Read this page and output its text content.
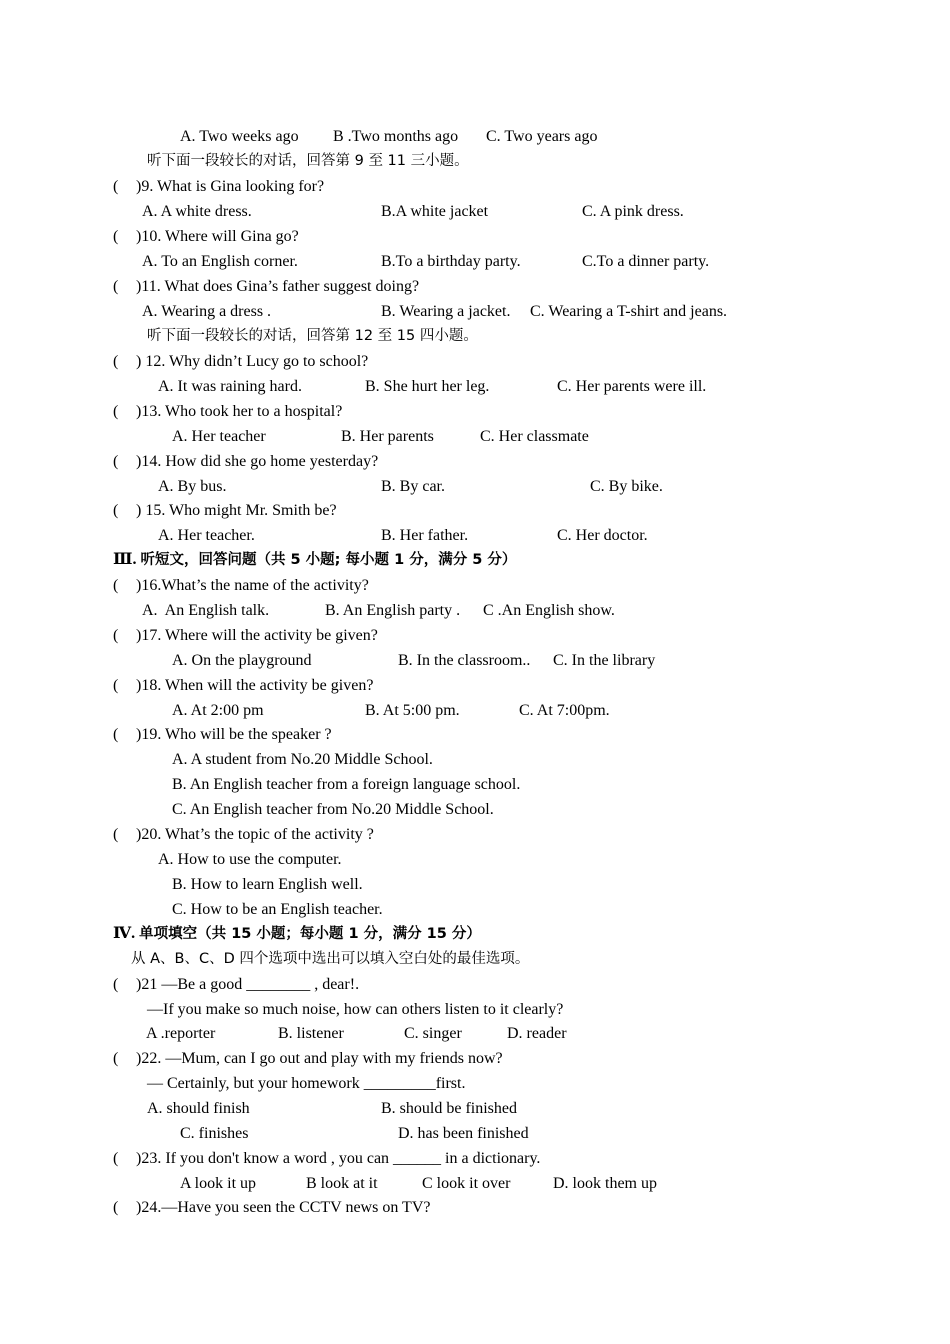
A. Two weeks ago B .Two months ago C. Two years ago
听下面一段较长的对话，回答第 9 至 11 三小题。
( )9. What is Gina looking for?
A. A white dress.	B.A white jacket	C. A pink dress.
( )10. Where will Gina go?
A. To an English corner.	B.To a birthday party.	C.To a dinner party.
( )11. What does Gina’s father suggest doing?
A. Wearing a dress .	B. Wearing a jacket. C. Wearing a T-shirt and jeans.
听下面一段较长的对话，回答第 12 至 15 四小题。
( ) 12. Why didn’t Lucy go to school?
A. It was raining hard.	B. She hurt her leg.	C. Her parents were ill.
( )13. Who took her to a hospital?
A. Her teacher	B. Her parents	C. Her classmate
( )14. How did she go home yesterday?
A. By bus.	B. By car.	C. By bike.
( ) 15. Who might Mr. Smith be?
A. Her teacher.	B. Her father.	C. Her doctor.
Ⅲ. 听短文，回答问题（共 5 小题; 每小题 1 分，满分 5 分）
( )16.What’s the name of the activity?
A.  An English talk.	B. An English party . C .An English show.
( )17. Where will the activity be given?
A. On the playground	B. In the classroom.. C. In the library
( )18. When will the activity be given?
A. At 2:00 pm	B. At 5:00 pm.	C. At 7:00pm.
( )19. Who will be the speaker ?
A. A student from No.20 Middle School.
B. An English teacher from a foreign language school.
C. An English teacher from No.20 Middle School.
( )20. What’s the topic of the activity ?
A. How to use the computer.
B. How to learn English well.
C. How to be an English teacher.
Ⅳ. 单项填空（共 15 小题；每小题 1 分，满分 15 分）
从 A、B、C、D 四个选项中选出可以填入空白处的最佳选项。
( )21 —Be a good ________ , dear!.
—If you make so much noise, how can others listen to it clearly?
A .reporter	B. listener	C. singer	D. reader
( )22. —Mum, can I go out and play with my friends now?
— Certainly, but your homework _________first.
A. should finish	B. should be finished
C. finishes	D. has been finished
( )23. If you don't know a word , you can ______ in a dictionary.
A look it up	B look at it	C look it over	D. look them up
( )24.—Have you seen the CCTV news on TV?
